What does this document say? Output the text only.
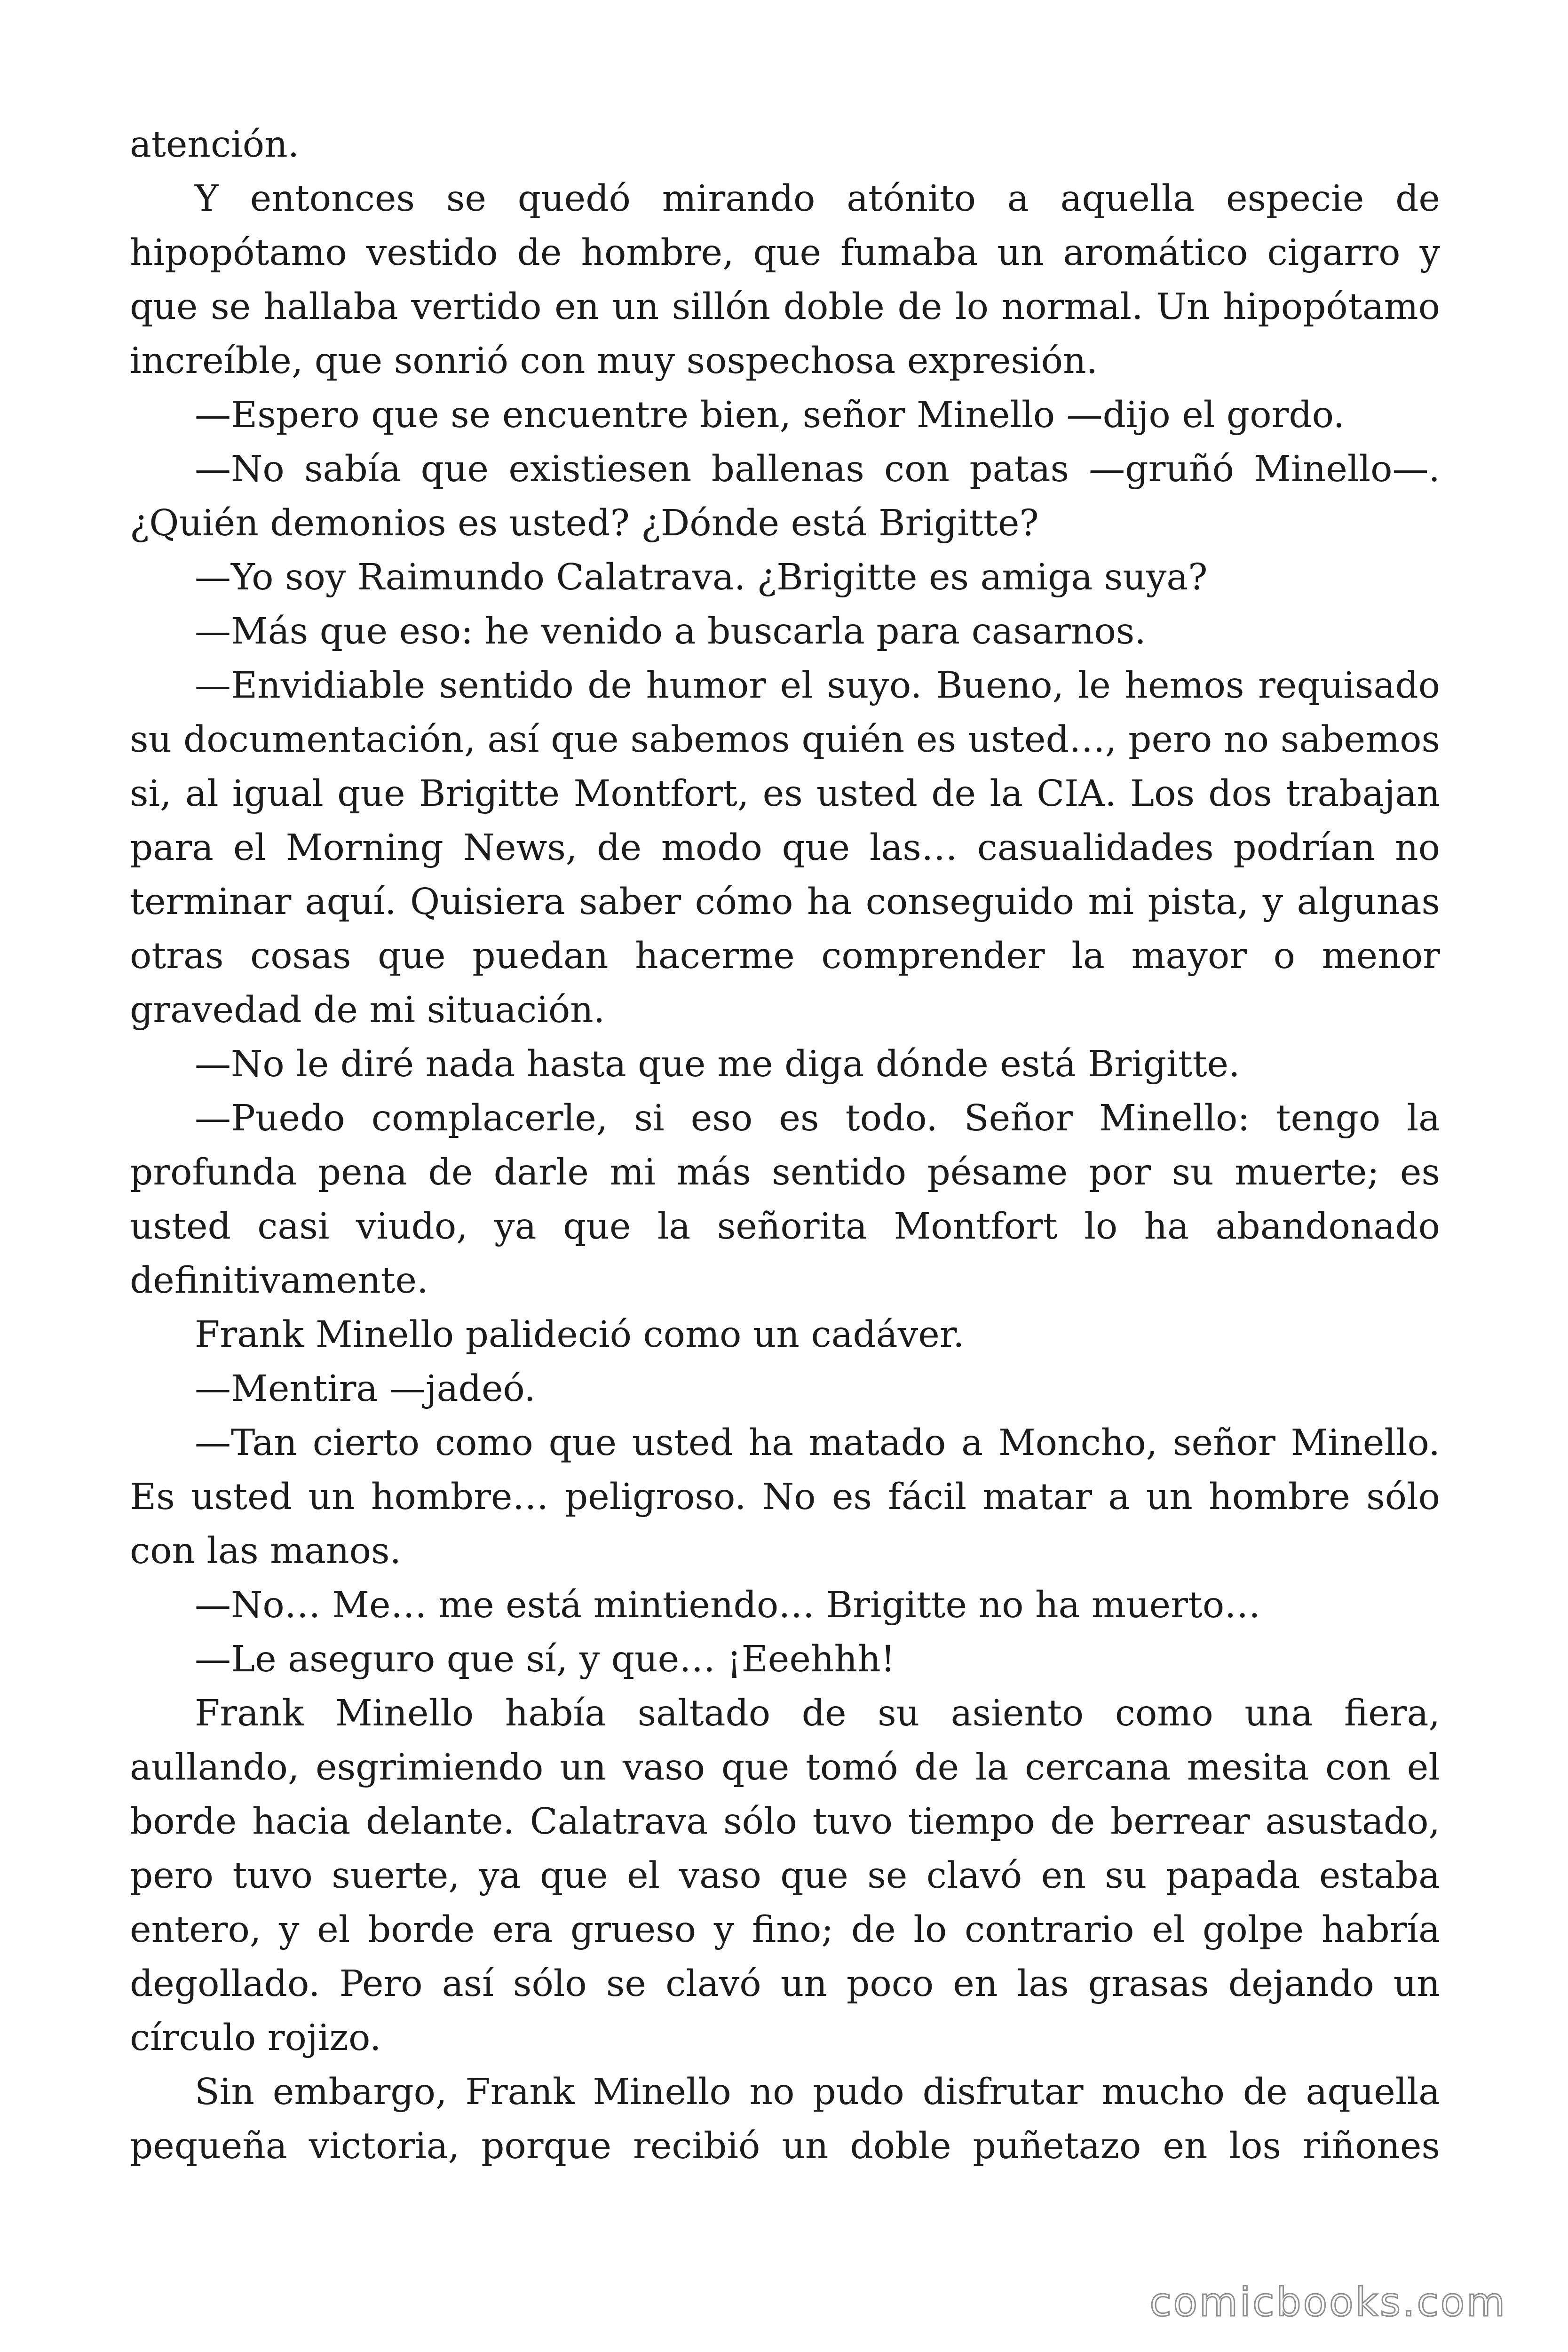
atención.

Y entonces se quedó mirando atónito a aquella especie de hipopótamo vestido de hombre, que fumaba un aromático cigarro y que se hallaba vertido en un sillón doble de lo normal. Un hipopótamo increíble, que sonrió con muy sospechosa expresión.

—Espero que se encuentre bien, señor Minello —dijo el gordo.

—No sabía que existiesen ballenas con patas —gruñó Minello—. ¿Quién demonios es usted? ¿Dónde está Brigitte?

—Yo soy Raimundo Calatrava. ¿Brigitte es amiga suya?

—Más que eso: he venido a buscarla para casarnos.

—Envidiable sentido de humor el suyo. Bueno, le hemos requisado su documentación, así que sabemos quién es usted…, pero no sabemos si, al igual que Brigitte Montfort, es usted de la CIA. Los dos trabajan para el Morning News, de modo que las… casualidades podrían no terminar aquí. Quisiera saber cómo ha conseguido mi pista, y algunas otras cosas que puedan hacerme comprender la mayor o menor gravedad de mi situación.

—No le diré nada hasta que me diga dónde está Brigitte.

—Puedo complacerle, si eso es todo. Señor Minello: tengo la profunda pena de darle mi más sentido pésame por su muerte; es usted casi viudo, ya que la señorita Montfort lo ha abandonado definitivamente.

Frank Minello palideció como un cadáver.

—Mentira —jadeó.

—Tan cierto como que usted ha matado a Moncho, señor Minello. Es usted un hombre… peligroso. No es fácil matar a un hombre sólo con las manos.

—No… Me… me está mintiendo… Brigitte no ha muerto…

—Le aseguro que sí, y que… ¡Eeehhh!

Frank Minello había saltado de su asiento como una fiera, aullando, esgrimiendo un vaso que tomó de la cercana mesita con el borde hacia delante. Calatrava sólo tuvo tiempo de berrear asustado, pero tuvo suerte, ya que el vaso que se clavó en su papada estaba entero, y el borde era grueso y fino; de lo contrario el golpe habría degollado. Pero así sólo se clavó un poco en las grasas dejando un círculo rojizo.

Sin embargo, Frank Minello no pudo disfrutar mucho de aquella pequeña victoria, porque recibió un doble puñetazo en los riñones

comicbooks.com
